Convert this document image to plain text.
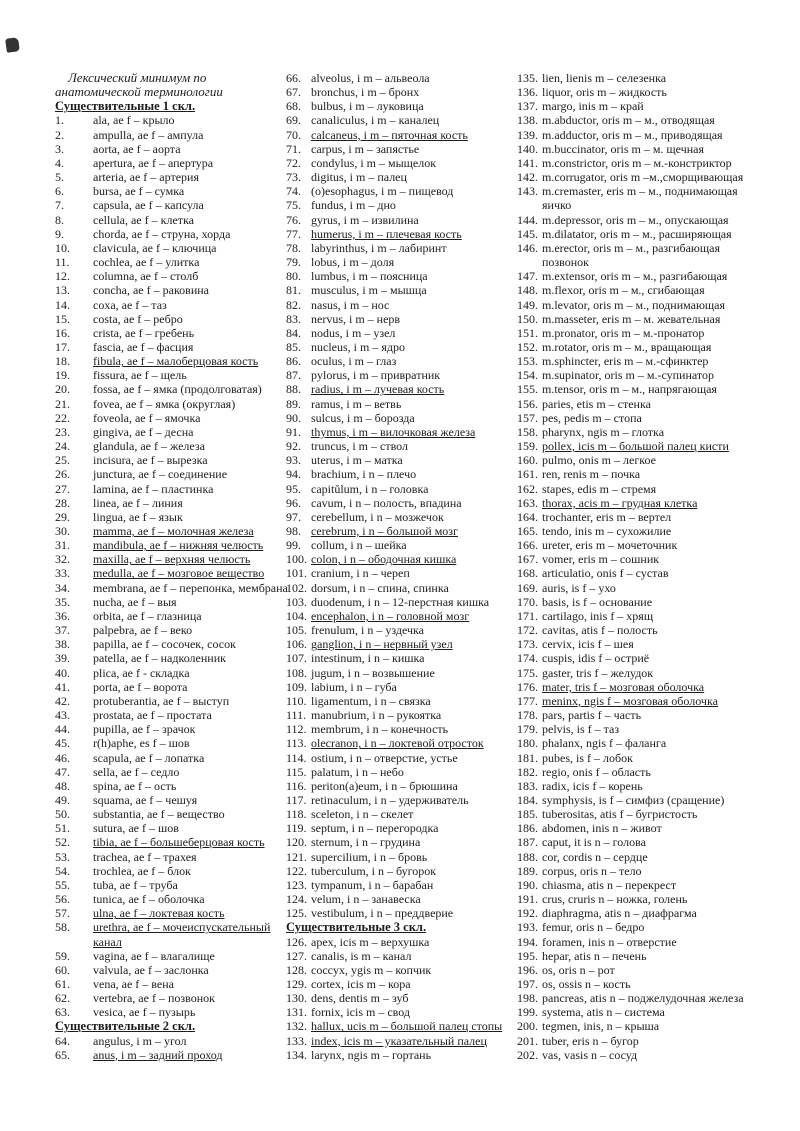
Лексический минимум по
анатомической терминологии
Существительные 1 скл.
1.	ala, ae f – крыло
2.	ampulla, ae f – ампула
3.	aorta, ae f – аорта
4.	apertura, ae f – апертура
5.	arteria, ae f – артерия
6.	bursa, ae f – сумка
7.	capsula, ae f – капсула
8.	cellula, ae f – клетка
9.	chorda, ae f – струна, хорда
10.	clavicula, ae f – ключица
11.	cochlea, ae f – улитка
12.	columna, ae f – столб
13.	concha, ae f – раковина
14.	coxa, ae f – таз
15.	costa, ae f – ребро
16.	crista, ae f – гребень
17.	fascia, ae f – фасция
18.	fibula, ae f – малоберцовая кость
19.	fissura, ae f – щель
20.	fossa, ae f – ямка (продолговатая)
21.	fovea, ae f – ямка (округлая)
22.	foveola, ae f – ямочка
23.	gingiva, ae f – десна
24.	glandula, ae f – железа
25.	incisura, ae f – вырезка
26.	junctura, ae f – соединение
27.	lamina, ae f – пластинка
28.	linea, ae f – линия
29.	lingua, ae f – язык
30.	mamma, ae f – молочная железа
31.	mandibula, ae f – нижняя челюсть
32.	maxilla, ae f – верхняя челюсть
33.	medulla, ae f – мозговое вещество
34.	membrana, ae f – перепонка, мембрана
35.	nucha, ae f – выя
36.	orbita, ae f – глазница
37.	palpebra, ae f – веко
38.	papilla, ae f – сосочек, сосок
39.	patella, ae f – надколенник
40.	plica, ae f - складка
41.	porta, ae f – ворота
42.	protuberantia, ae f – выступ
43.	prostata, ae f – простата
44.	pupilla, ae f – зрачок
45.	r(h)aphe, es f – шов
46.	scapula, ae f – лопатка
47.	sella, ae f – седло
48.	spina, ae f – ость
49.	squama, ae f – чешуя
50.	substantia, ae f – вещество
51.	sutura, ae f – шов
52.	tibia, ae f – большеберцовая кость
53.	trachea, ae f – трахея
54.	trochlea, ae f – блок
55.	tuba, ae f – труба
56.	tunica, ae f – оболочка
57.	ulna, ae f – локтевая кость
58.	urethra, ae f – мочеиспускательный
канал
59.	vagina, ae f – влагалище
60.	valvula, ae f – заслонка
61.	vena, ae f – вена
62.	vertebra, ae f – позвонок
63.	vesica, ae f – пузырь
Существительные 2 скл.
64.	angulus, i m – угол
65.	anus, i m – задний проход
66. alveolus, i m – альвеола
67. bronchus, i m – бронх
68. bulbus, i m – луковица
69. canaliculus, i m – каналец
70. calcaneus, i m – пяточная кость
71. carpus, i m – запястье
72. condylus, i m – мыщелок
73. digitus, i m – палец
74. (o)esophagus, i m – пищевод
75. fundus, i m – дно
76. gyrus, i m – извилина
77. humerus, i m – плечевая кость
78. labyrinthus, i m – лабиринт
79. lobus, i m – доля
80. lumbus, i m – поясница
81. musculus, i m – мышца
82. nasus, i m – нос
83. nervus, i m – нерв
84. nodus, i m – узел
85. nucleus, i m – ядро
86. oculus, i m – глаз
87. pylorus, i m – привратник
88. radius, i m – лучевая кость
89. ramus, i m – ветвь
90. sulcus, i m – борозда
91. thymus, i m – вилочковая железа
92. truncus, i m – ствол
93. uterus, i m – матка
94. brachium, i n – плечо
95. capitŭlum, i n – головка
96. cavum, i n – полость, впадина
97. cerebellum, i n – мозжечок
98. cerebrum, i n – большой мозг
99. collum, i n – шейка
100. colon, i n – ободочная кишка
101. cranium, i n – череп
102. dorsum, i n – спина, спинка
103. duodenum, i n – 12-перстная кишка
104. encephalon, i n – головной мозг
105. frenulum, i n – уздечка
106. ganglion, i n – нервный узел
107. intestinum, i n – кишка
108. jugum, i n – возвышение
109. labium, i n – губа
110. ligamentum, i n – связка
111. manubrium, i n – рукоятка
112. membrum, i n – конечность
113. olecranon, i n – локтевой отросток
114. ostium, i n – отверстие, устье
115. palatum, i n – небо
116. periton(a)eum, i n – брюшина
117. retinaculum, i n – удерживатель
118. sceleton, i n – скелет
119. septum, i n – перегородка
120. sternum, i n – грудина
121. supercilium, i n – бровь
122. tuberculum, i n – бугорок
123. tympanum, i n – барабан
124. velum, i n – занавеска
125. vestibulum, i n – преддверие
Существительные 3 скл.
126. apex, icis m – верхушка
127. canalis, is m – канал
128. coccyx, ygis m – копчик
129. cortex, icis m – кора
130. dens, dentis m – зуб
131. fornix, icis m – свод
132. hallux, ucis m – большой палец стопы
133. index, icis m – указательный палец
134. larynx, ngis m – гортань
135. lien, lienis m – селезенка
136. liquor, oris m – жидкость
137. margo, inis m – край
138. m.abductor, oris m – м., отводящая
139. m.adductor, oris m – м., приводящая
140. m.buccinator, oris m – м. щечная
141. m.constrictor, oris m – м.-констриктор
142. m.corrugator, oris m –м.,сморщивающая
143. m.cremaster, eris m – м., поднимающая
яичко
144. m.depressor, oris m – м., опускающая
145. m.dilatator, oris m – м., расширяющая
146. m.erector, oris m – м., разгибающая
позвонок
147. m.extensor, oris m – м., разгибающая
148. m.flexor, oris m – м., сгибающая
149. m.levator, oris m – м., поднимающая
150. m.masseter, eris m – м. жевательная
151. m.pronator, oris m – м.-пронатор
152. m.rotator, oris m – м., вращающая
153. m.sphincter, eris m – м.-сфинктер
154. m.supinator, oris m – м.-супинатор
155. m.tensor, oris m – м., напрягающая
156. paries, etis m – стенка
157. pes, pedis m – стопа
158. pharynx, ngis m – глотка
159. pollex, icis m – большой палец кисти
160. pulmo, onis m – легкое
161. ren, renis m – почка
162. stapes, edis m – стремя
163. thorax, acis m – грудная клетка
164. trochanter, eris m – вертел
165. tendo, inis m – сухожилие
166. ureter, eris m – мочеточник
167. vomer, eris m – сошник
168. articulatio, onis f – сустав
169. auris, is f – ухо
170. basis, is f – основание
171. cartilago, inis f – хрящ
172. cavitas, atis f – полость
173. cervix, icis f – шея
174. cuspis, idis f – остриё
175. gaster, tris f – желудок
176. mater, tris f – мозговая оболочка
177. meninx, ngis f – мозговая оболочка
178. pars, partis f – часть
179. pelvis, is f – таз
180. phalanx, ngis f – фаланга
181. pubes, is f – лобок
182. regio, onis f – область
183. radix, icis f – корень
184. symphysis, is f – симфиз (сращение)
185. tuberositas, atis f – бугристость
186. abdomen, inis n – живот
187. caput, it is n – голова
188. cor, cordis n – сердце
189. corpus, oris n – тело
190. chiasma, atis n – перекрест
191. crus, cruris n – ножка, голень
192. diaphragma, atis n – диафрагма
193. femur, oris n – бедро
194. foramen, inis n – отверстие
195. hepar, atis n – печень
196. os, oris n – рот
197. os, ossis n – кость
198. pancreas, atis n – поджелудочная железа
199. systema, atis n – система
200. tegmen, inis, n – крыша
201. tuber, eris n – бугор
202. vas, vasis n – сосуд
